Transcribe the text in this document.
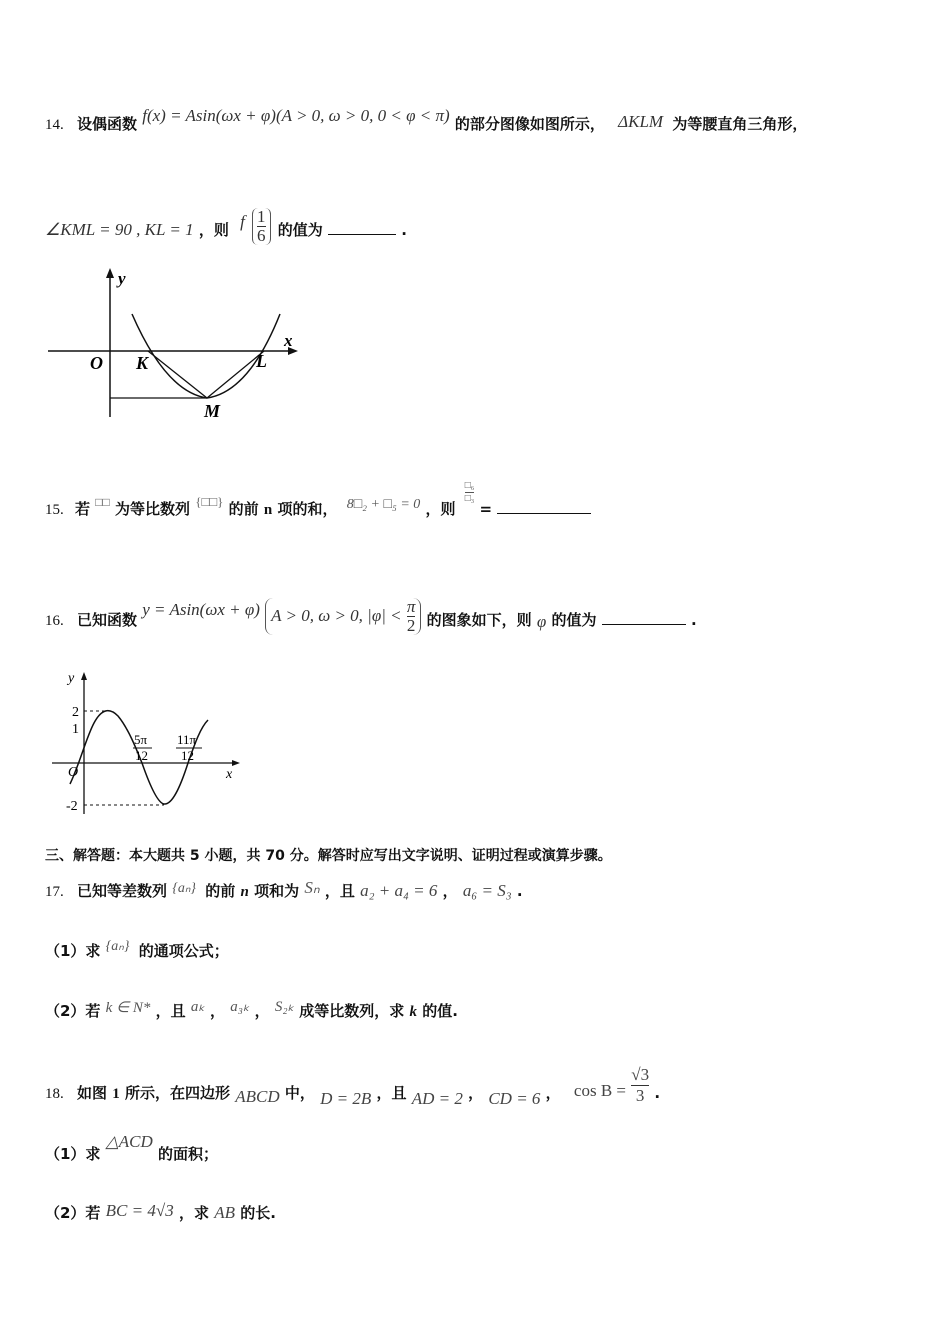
14. 设偶函数 f(x) = Asin(ωx + φ)(A > 0, ω > 0, 0 < φ < π) 的部分图像如图所示， ΔKLM 为等腰直角三角形，
∠KML = 90 , KL = 1 ，则 f $\frac{1}{6}$ 的值为	.
y
x
O K	L
M
15. 若 □□ 为等比数列 {□□} 的前 n 项的和， 8□₂ + □₅ = 0 ，则
□₆
□₃
=
16. 已知函数 y = Asin(ωx + φ) A > 0, ω > 0, $|\varphi| < \frac{\pi}{2}$ 的图象如下，则 φ 的值为	.
5π
12
11π
12
y
x
O
2
1
-2
三、解答题：本大题共 5 小题，共 70 分。解答时应写出文字说明、证明过程或演算步骤。
17. 已知等差数列 {aₙ} 的前 n 项和为 Sₙ ，且 a₂ + a₄ = 6 ， a₆ = S₃ .
（1）求 {aₙ} 的通项公式；
（2）若 k ∈ N* ，且 aₖ ， a₃ₖ ， S₂ₖ 成等比数列，求 k 的值.
18. 如图 1 所示，在四边形 ABCD 中， D = 2B ，且 AD = 2 ， CD = 6 ， $\cos B = \frac{√3}{3}$ .
（1）求 △ACD 的面积；
（2）若 BC = 4√3 ，求 AB 的长.
